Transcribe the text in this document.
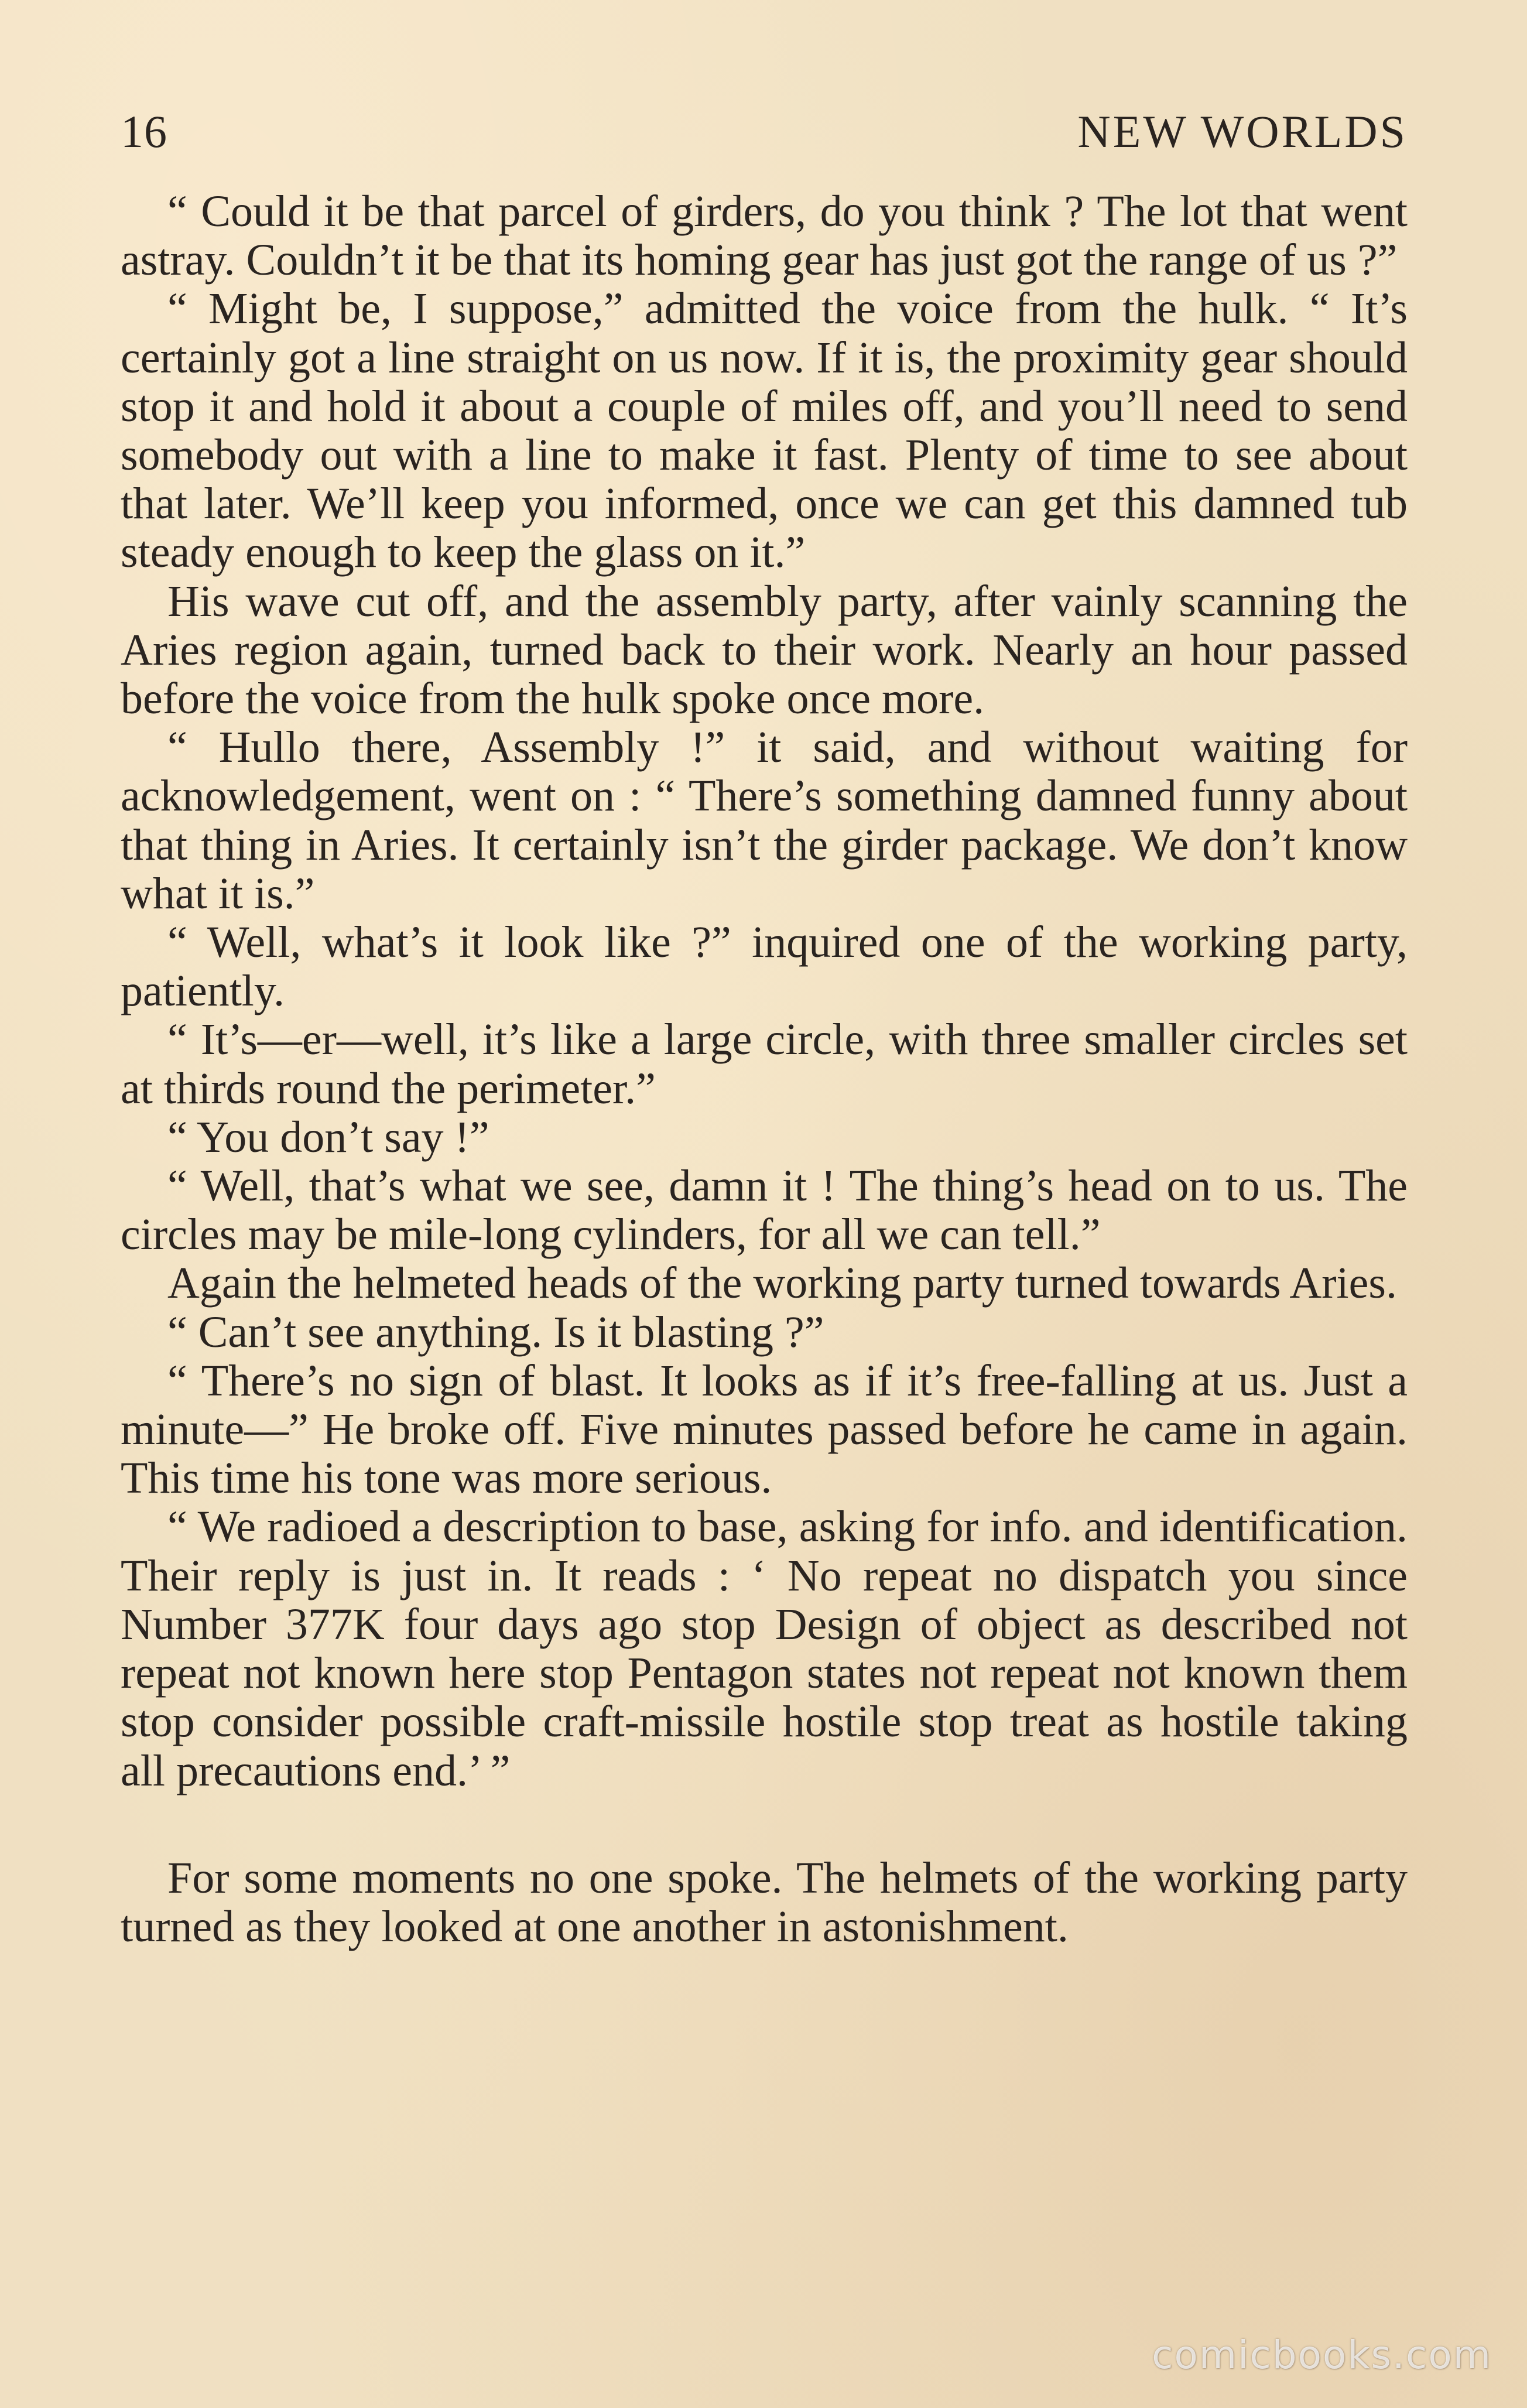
16	NEW WORLDS

“ Could it be that parcel of girders, do you think ? The lot that went astray. Couldn’t it be that its homing gear has just got the range of us ?”

“ Might be, I suppose,” admitted the voice from the hulk. “ It’s certainly got a line straight on us now. If it is, the proximity gear should stop it and hold it about a couple of miles off, and you’ll need to send somebody out with a line to make it fast. Plenty of time to see about that later. We’ll keep you informed, once we can get this damned tub steady enough to keep the glass on it.”

His wave cut off, and the assembly party, after vainly scanning the Aries region again, turned back to their work. Nearly an hour passed before the voice from the hulk spoke once more.

“ Hullo there, Assembly !” it said, and without waiting for acknowledgement, went on : “ There’s something damned funny about that thing in Aries. It certainly isn’t the girder package. We don’t know what it is.”

“ Well, what’s it look like ?” inquired one of the working party, patiently.

“ It’s—er—well, it’s like a large circle, with three smaller circles set at thirds round the perimeter.”

“ You don’t say !”

“ Well, that’s what we see, damn it ! The thing’s head on to us. The circles may be mile-long cylinders, for all we can tell.”

Again the helmeted heads of the working party turned towards Aries.

“ Can’t see anything. Is it blasting ?”

“ There’s no sign of blast. It looks as if it’s free-falling at us. Just a minute—” He broke off. Five minutes passed before he came in again. This time his tone was more serious.

“ We radioed a description to base, asking for info. and identification. Their reply is just in. It reads : ‘ No repeat no dispatch you since Number 377K four days ago stop Design of object as described not repeat not known here stop Pentagon states not repeat not known them stop consider possible craft-missile hostile stop treat as hostile taking all precautions end.’ ”

For some moments no one spoke. The helmets of the working party turned as they looked at one another in astonishment.

comicbooks.com
